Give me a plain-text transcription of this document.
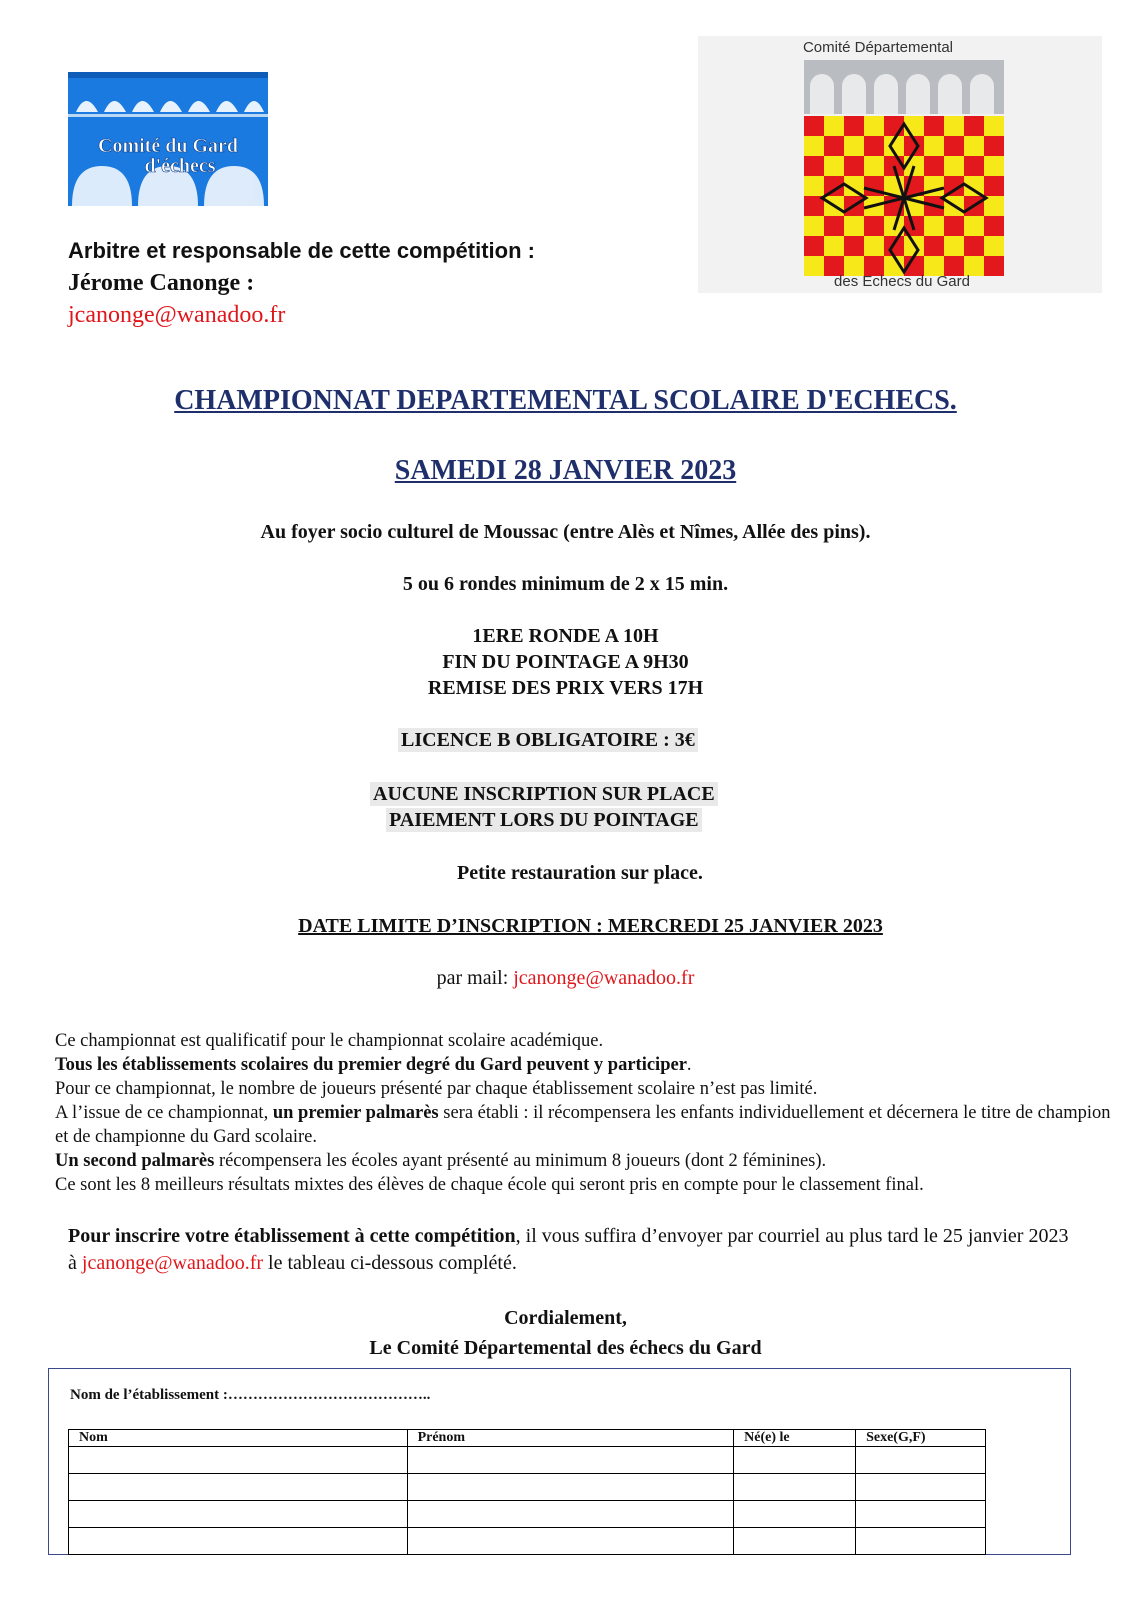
Comité du Gard
d'échecs
Comité Départemental
des Echecs du Gard
Arbitre et responsable de cette compétition :
Jérome Canonge :
jcanonge@wanadoo.fr
CHAMPIONNAT DEPARTEMENTAL SCOLAIRE D'ECHECS.
SAMEDI 28 JANVIER 2023
Au foyer socio culturel de Moussac (entre Alès et Nîmes, Allée des pins).
5 ou 6 rondes minimum de 2 x 15 min.
1ERE RONDE A 10H
FIN DU POINTAGE A 9H30
REMISE DES PRIX VERS 17H
LICENCE B OBLIGATOIRE : 3€
AUCUNE INSCRIPTION SUR PLACE
PAIEMENT LORS DU POINTAGE
Petite restauration sur place.
DATE LIMITE D’INSCRIPTION : MERCREDI 25 JANVIER 2023
par mail: jcanonge@wanadoo.fr
Ce championnat est qualificatif pour le championnat scolaire académique.
Tous les établissements scolaires du premier degré du Gard peuvent y participer.
Pour ce championnat, le nombre de joueurs présenté par chaque établissement scolaire n’est pas limité.
A l’issue de ce championnat, un premier palmarès sera établi : il récompensera les enfants individuellement et décernera le titre de champion et de championne du Gard scolaire.
Un second palmarès récompensera les écoles ayant présenté au minimum 8 joueurs (dont 2 féminines).
Ce sont les 8 meilleurs résultats mixtes des élèves de chaque école qui seront pris en compte pour le classement final.
Pour inscrire votre établissement à cette compétition, il vous suffira d’envoyer par courriel au plus tard le 25 janvier 2023 à jcanonge@wanadoo.fr le tableau ci-dessous complété.
Cordialement,
Le Comité Départemental des échecs du Gard
Nom de l’établissement :…………………………………..
Nom	Prénom	Né(e) le	Sexe(G,F)
